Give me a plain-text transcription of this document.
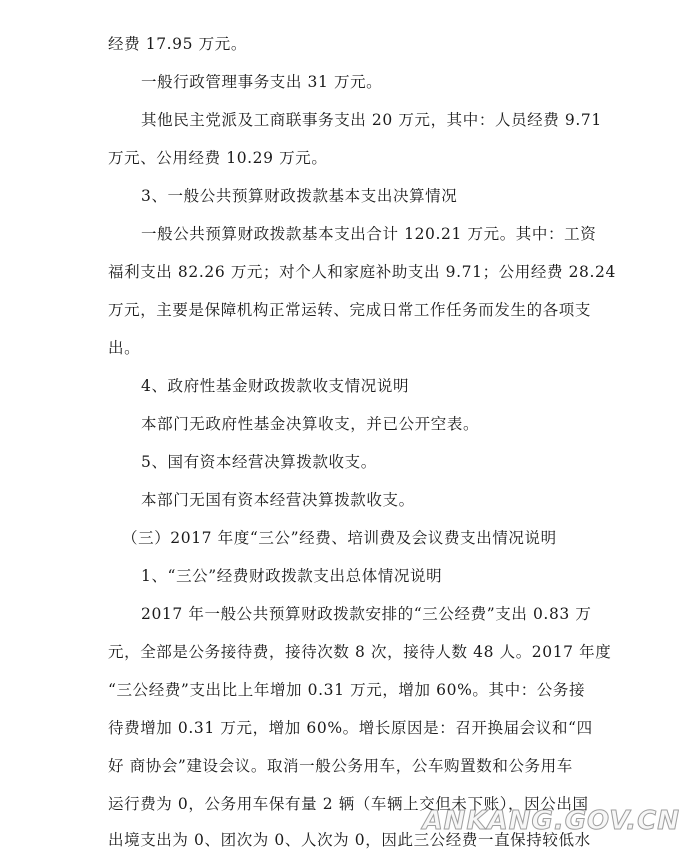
经费 17.95 万元。
一般行政管理事务支出 31 万元。
其他民主党派及工商联事务支出 20 万元，其中：人员经费 9.71
万元、公用经费 10.29 万元。
3、一般公共预算财政拨款基本支出决算情况
一般公共预算财政拨款基本支出合计 120.21 万元。其中：工资
福利支出 82.26 万元；对个人和家庭补助支出 9.71；公用经费 28.24
万元，主要是保障机构正常运转、完成日常工作任务而发生的各项支
出。
4、政府性基金财政拨款收支情况说明
本部门无政府性基金决算收支，并已公开空表。
5、国有资本经营决算拨款收支。
本部门无国有资本经营决算拨款收支。
（三）2017 年度“三公”经费、培训费及会议费支出情况说明
1、“三公”经费财政拨款支出总体情况说明
2017 年一般公共预算财政拨款安排的“三公经费”支出 0.83 万
元，全部是公务接待费，接待次数 8 次，接待人数 48 人。2017 年度
“三公经费”支出比上年增加 0.31 万元，增加 60%。其中：公务接
待费增加 0.31 万元，增加 60%。增长原因是：召开换届会议和“四
好 商协会”建设会议。取消一般公务用车，公车购置数和公务用车
运行费为 0，公务用车保有量 2 辆（车辆上交但未下账），因公出国
出境支出为 0、团次为 0、人次为 0，因此三公经费一直保持较低水
ANKANG.GOV.CN
